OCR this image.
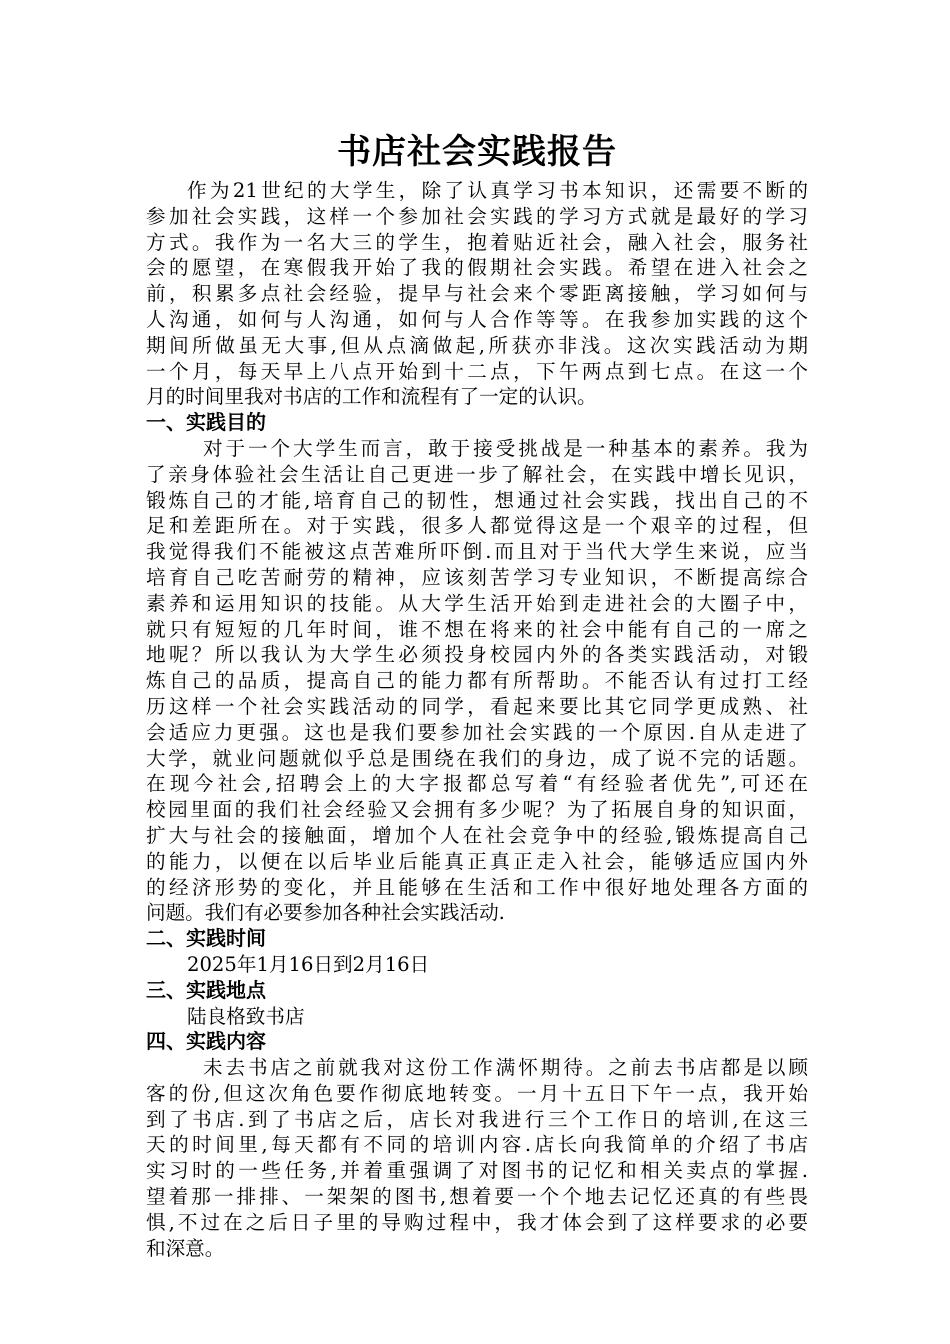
书店社会实践报告
作为21世纪的大学生，除了认真学习书本知识，还需要不断的
参加社会实践，这样一个参加社会实践的学习方式就是最好的学习
方式。我作为一名大三的学生，抱着贴近社会，融入社会，服务社
会的愿望，在寒假我开始了我的假期社会实践。希望在进入社会之
前，积累多点社会经验，提早与社会来个零距离接触，学习如何与
人沟通，如何与人沟通，如何与人合作等等。在我参加实践的这个
期间所做虽无大事,但从点滴做起,所获亦非浅。这次实践活动为期
一个月，每天早上八点开始到十二点，下午两点到七点。在这一个
月的时间里我对书店的工作和流程有了一定的认识。
一、实践目的
对于一个大学生而言，敢于接受挑战是一种基本的素养。我为
了亲身体验社会生活让自己更进一步了解社会，在实践中增长见识，
锻炼自己的才能,培育自己的韧性，想通过社会实践，找出自己的不
足和差距所在。对于实践，很多人都觉得这是一个艰辛的过程，但
我觉得我们不能被这点苦难所吓倒.而且对于当代大学生来说，应当
培育自己吃苦耐劳的精神，应该刻苦学习专业知识，不断提高综合
素养和运用知识的技能。从大学生活开始到走进社会的大圈子中，
就只有短短的几年时间，谁不想在将来的社会中能有自己的一席之
地呢？所以我认为大学生必须投身校园内外的各类实践活动，对锻
炼自己的品质，提高自己的能力都有所帮助。不能否认有过打工经
历这样一个社会实践活动的同学，看起来要比其它同学更成熟、社
会适应力更强。这也是我们要参加社会实践的一个原因.自从走进了
大学，就业问题就似乎总是围绕在我们的身边，成了说不完的话题。
在现今社会,招聘会上的大字报都总写着“有经验者优先”,可还在
校园里面的我们社会经验又会拥有多少呢？为了拓展自身的知识面，
扩大与社会的接触面，增加个人在社会竞争中的经验,锻炼提高自己
的能力，以便在以后毕业后能真正真正走入社会，能够适应国内外
的经济形势的变化，并且能够在生活和工作中很好地处理各方面的
问题。我们有必要参加各种社会实践活动.
二、实践时间
2025年1月16日到2月16日
三、实践地点
陆良格致书店
四、实践内容
未去书店之前就我对这份工作满怀期待。之前去书店都是以顾
客的份,但这次角色要作彻底地转变。一月十五日下午一点，我开始
到了书店.到了书店之后，店长对我进行三个工作日的培训,在这三
天的时间里,每天都有不同的培训内容.店长向我简单的介绍了书店
实习时的一些任务,并着重强调了对图书的记忆和相关卖点的掌握.
望着那一排排、一架架的图书,想着要一个个地去记忆还真的有些畏
惧,不过在之后日子里的导购过程中，我才体会到了这样要求的必要
和深意。
